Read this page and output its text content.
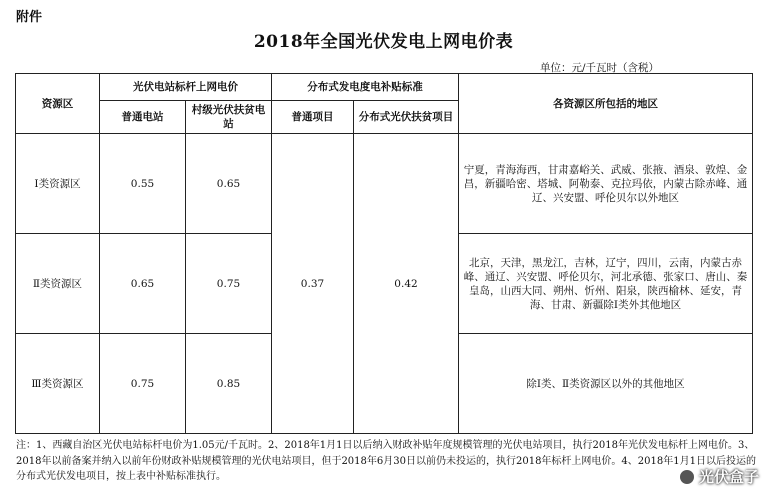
附件
2018年全国光伏发电上网电价表
单位：元/千瓦时（含税）
资源区	光伏电站标杆上网电价		分布式发电度电补贴标准		各资源区所包括的地区
	普通电站	村级光伏扶贫电站	普通项目	分布式光伏扶贫项目	
Ⅰ类资源区	0.55	0.65	0.37	0.42	宁夏，青海海西，甘肃嘉峪关、武威、张掖、酒泉、敦煌、金昌，新疆哈密、塔城、阿勒泰、克拉玛依，内蒙古除赤峰、通辽、兴安盟、呼伦贝尔以外地区
Ⅱ类资源区	0.65	0.75			北京，天津，黑龙江，吉林，辽宁，四川，云南，内蒙古赤峰、通辽、兴安盟、呼伦贝尔，河北承德、张家口、唐山、秦皇岛，山西大同、朔州、忻州、阳泉，陕西榆林、延安，青海、甘肃、新疆除Ⅰ类外其他地区
Ⅲ类资源区	0.75	0.85			除Ⅰ类、Ⅱ类资源区以外的其他地区
注：1、西藏自治区光伏电站标杆电价为1.05元/千瓦时。2、2018年1月1日以后纳入财政补贴年度规模管理的光伏电站项目，执行2018年光伏发电标杆上网电价。3、2018年以前备案并纳入以前年份财政补贴规模管理的光伏电站项目，但于2018年6月30日以前仍未投运的，执行2018年标杆上网电价。4、2018年1月1日以后投运的分布式光伏发电项目，按上表中补贴标准执行。	光伏盒子
